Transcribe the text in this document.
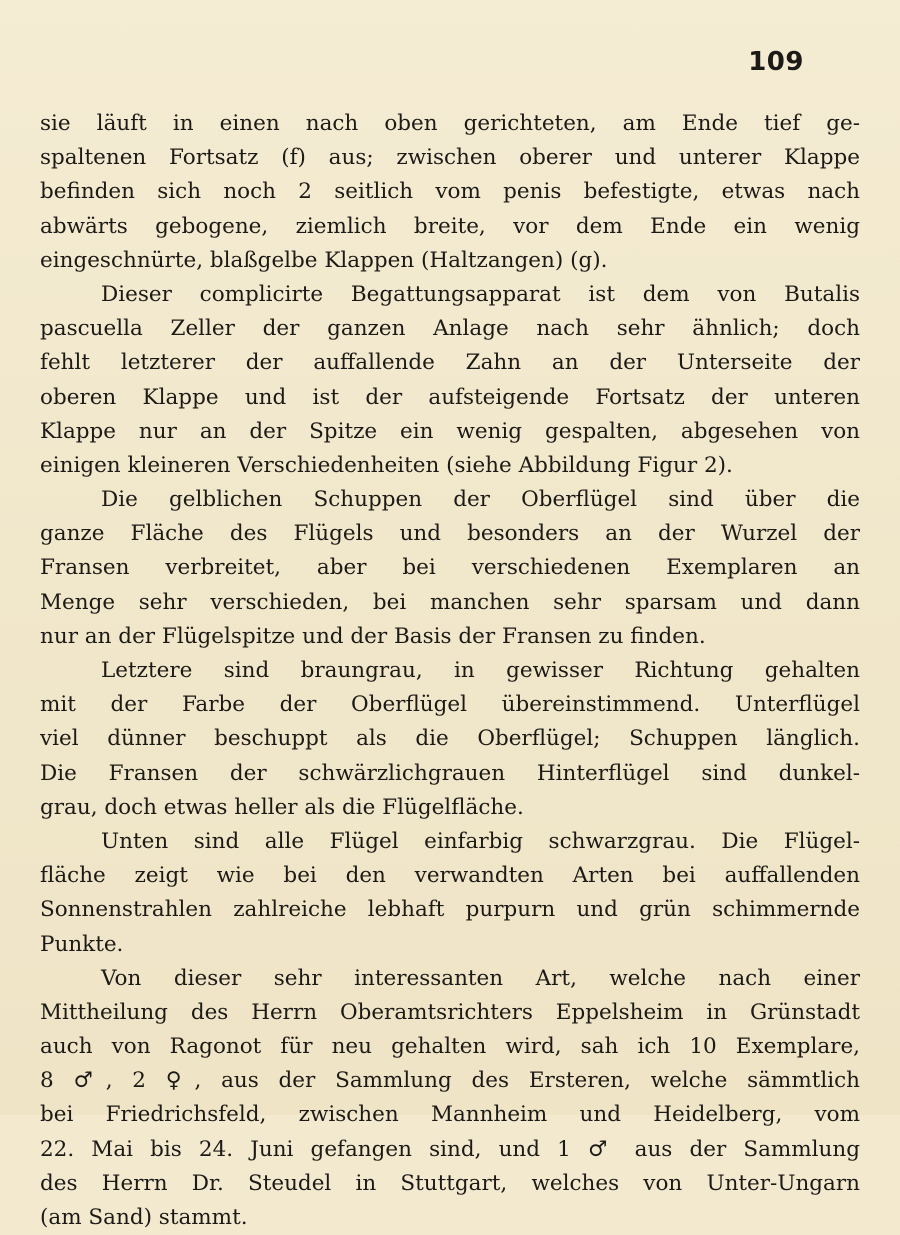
109
sie läuft in einen nach oben gerichteten, am Ende tief ge-
spaltenen Fortsatz (f) aus; zwischen oberer und unterer Klappe
befinden sich noch 2 seitlich vom penis befestigte, etwas nach
abwärts gebogene, ziemlich breite, vor dem Ende ein wenig
eingeschnürte, blaßgelbe Klappen (Haltzangen) (g).
Dieser complicirte Begattungsapparat ist dem von Butalis
pascuella Zeller der ganzen Anlage nach sehr ähnlich; doch
fehlt letzterer der auffallende Zahn an der Unterseite der
oberen Klappe und ist der aufsteigende Fortsatz der unteren
Klappe nur an der Spitze ein wenig gespalten, abgesehen von
einigen kleineren Verschiedenheiten (siehe Abbildung Figur 2).
Die gelblichen Schuppen der Oberflügel sind über die
ganze Fläche des Flügels und besonders an der Wurzel der
Fransen verbreitet, aber bei verschiedenen Exemplaren an
Menge sehr verschieden, bei manchen sehr sparsam und dann
nur an der Flügelspitze und der Basis der Fransen zu finden.
Letztere sind braungrau, in gewisser Richtung gehalten
mit der Farbe der Oberflügel übereinstimmend. Unterflügel
viel dünner beschuppt als die Oberflügel; Schuppen länglich.
Die Fransen der schwärzlichgrauen Hinterflügel sind dunkel-
grau, doch etwas heller als die Flügelfläche.
Unten sind alle Flügel einfarbig schwarzgrau. Die Flügel-
fläche zeigt wie bei den verwandten Arten bei auffallenden
Sonnenstrahlen zahlreiche lebhaft purpurn und grün schimmernde
Punkte.
Von dieser sehr interessanten Art, welche nach einer
Mittheilung des Herrn Oberamtsrichters Eppelsheim in Grünstadt
auch von Ragonot für neu gehalten wird, sah ich 10 Exemplare,
8 ♂, 2 ♀, aus der Sammlung des Ersteren, welche sämmtlich
bei Friedrichsfeld, zwischen Mannheim und Heidelberg, vom
22. Mai bis 24. Juni gefangen sind, und 1 ♂ aus der Sammlung
des Herrn Dr. Steudel in Stuttgart, welches von Unter-Ungarn
(am Sand) stammt.
